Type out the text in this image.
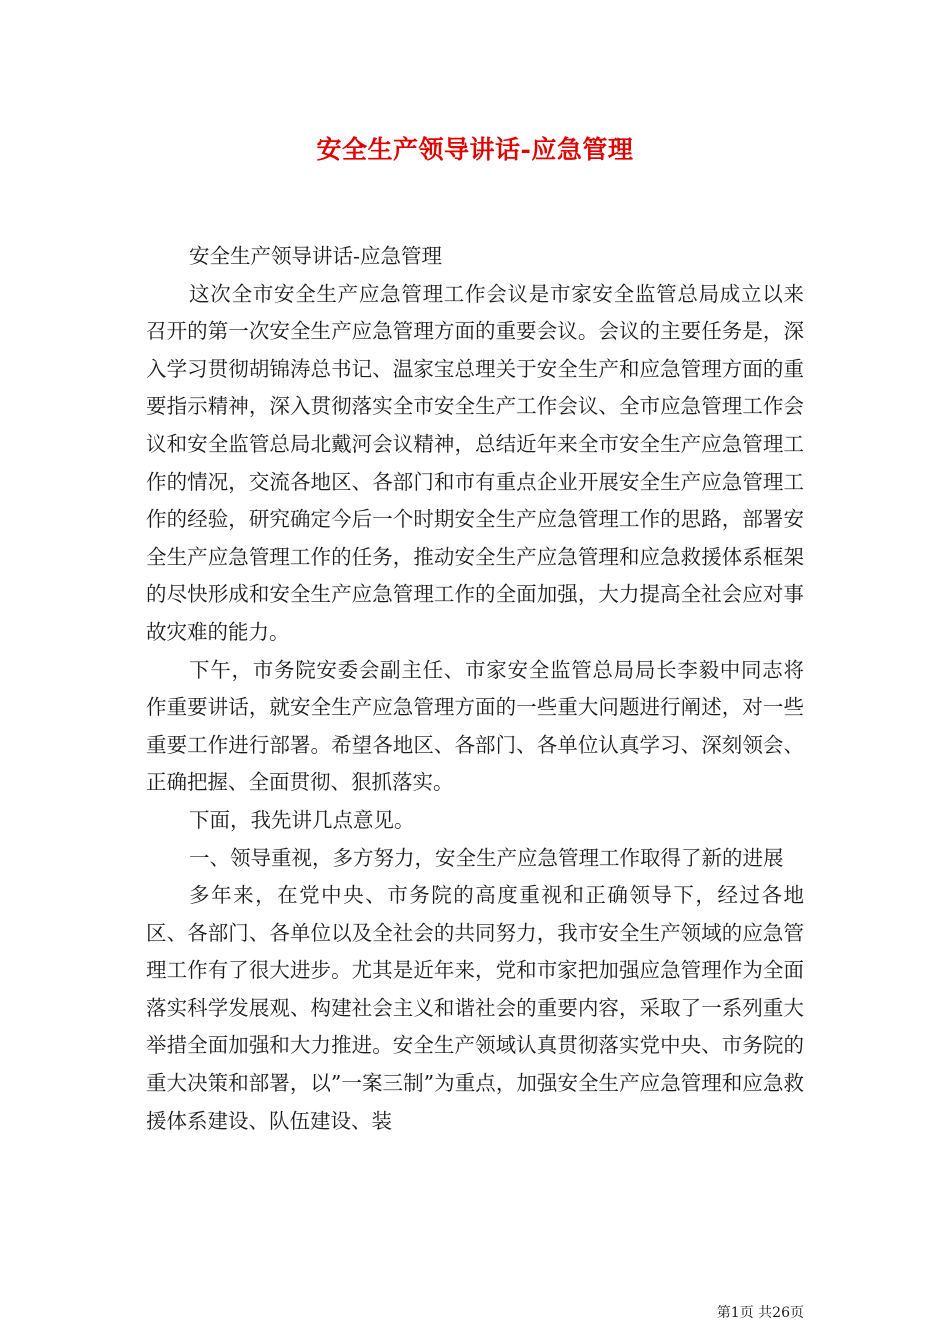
安全生产领导讲话-应急管理

安全生产领导讲话-应急管理

这次全市安全生产应急管理工作会议是市家安全监管总局成立以来召开的第一次安全生产应急管理方面的重要会议。会议的主要任务是，深入学习贯彻胡锦涛总书记、温家宝总理关于安全生产和应急管理方面的重要指示精神，深入贯彻落实全市安全生产工作会议、全市应急管理工作会议和安全监管总局北戴河会议精神，总结近年来全市安全生产应急管理工作的情况，交流各地区、各部门和市有重点企业开展安全生产应急管理工作的经验，研究确定今后一个时期安全生产应急管理工作的思路，部署安全生产应急管理工作的任务，推动安全生产应急管理和应急救援体系框架的尽快形成和安全生产应急管理工作的全面加强，大力提高全社会应对事故灾难的能力。

下午，市务院安委会副主任、市家安全监管总局局长李毅中同志将作重要讲话，就安全生产应急管理方面的一些重大问题进行阐述，对一些重要工作进行部署。希望各地区、各部门、各单位认真学习、深刻领会、正确把握、全面贯彻、狠抓落实。

下面，我先讲几点意见。

一、领导重视，多方努力，安全生产应急管理工作取得了新的进展

多年来，在党中央、市务院的高度重视和正确领导下，经过各地区、各部门、各单位以及全社会的共同努力，我市安全生产领域的应急管理工作有了很大进步。尤其是近年来，党和市家把加强应急管理作为全面落实科学发展观、构建社会主义和谐社会的重要内容，采取了一系列重大举措全面加强和大力推进。安全生产领域认真贯彻落实党中央、市务院的重大决策和部署，以”一案三制”为重点，加强安全生产应急管理和应急救援体系建设、队伍建设、装

第1页 共26页
